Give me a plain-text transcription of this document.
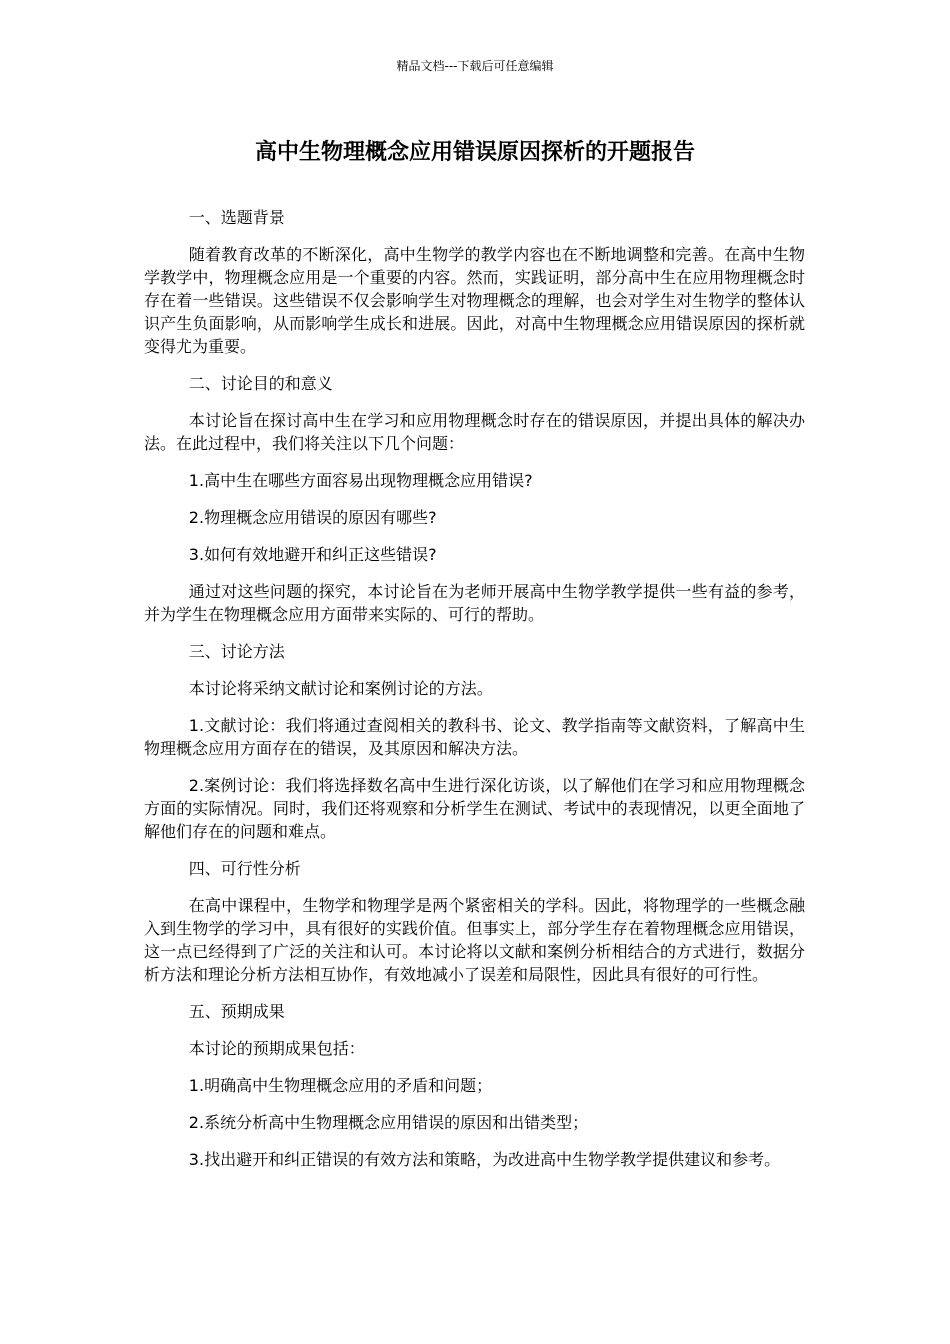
精品文档---下载后可任意编辑
高中生物理概念应用错误原因探析的开题报告

一、选题背景

随着教育改革的不断深化，高中生物学的教学内容也在不断地调整和完善。在高中生物学教学中，物理概念应用是一个重要的内容。然而，实践证明，部分高中生在应用物理概念时存在着一些错误。这些错误不仅会影响学生对物理概念的理解，也会对学生对生物学的整体认识产生负面影响，从而影响学生成长和进展。因此，对高中生物理概念应用错误原因的探析就变得尤为重要。

二、讨论目的和意义

本讨论旨在探讨高中生在学习和应用物理概念时存在的错误原因，并提出具体的解决办法。在此过程中，我们将关注以下几个问题：

1.高中生在哪些方面容易出现物理概念应用错误?

2.物理概念应用错误的原因有哪些?

3.如何有效地避开和纠正这些错误?

通过对这些问题的探究，本讨论旨在为老师开展高中生物学教学提供一些有益的参考，并为学生在物理概念应用方面带来实际的、可行的帮助。

三、讨论方法

本讨论将采纳文献讨论和案例讨论的方法。

1.文献讨论：我们将通过查阅相关的教科书、论文、教学指南等文献资料，了解高中生物理概念应用方面存在的错误，及其原因和解决方法。

2.案例讨论：我们将选择数名高中生进行深化访谈，以了解他们在学习和应用物理概念方面的实际情况。同时，我们还将观察和分析学生在测试、考试中的表现情况，以更全面地了解他们存在的问题和难点。

四、可行性分析

在高中课程中，生物学和物理学是两个紧密相关的学科。因此，将物理学的一些概念融入到生物学的学习中，具有很好的实践价值。但事实上，部分学生存在着物理概念应用错误，这一点已经得到了广泛的关注和认可。本讨论将以文献和案例分析相结合的方式进行，数据分析方法和理论分析方法相互协作，有效地减小了误差和局限性，因此具有很好的可行性。

五、预期成果

本讨论的预期成果包括：

1.明确高中生物理概念应用的矛盾和问题；

2.系统分析高中生物理概念应用错误的原因和出错类型；

3.找出避开和纠正错误的有效方法和策略，为改进高中生物学教学提供建议和参考。
